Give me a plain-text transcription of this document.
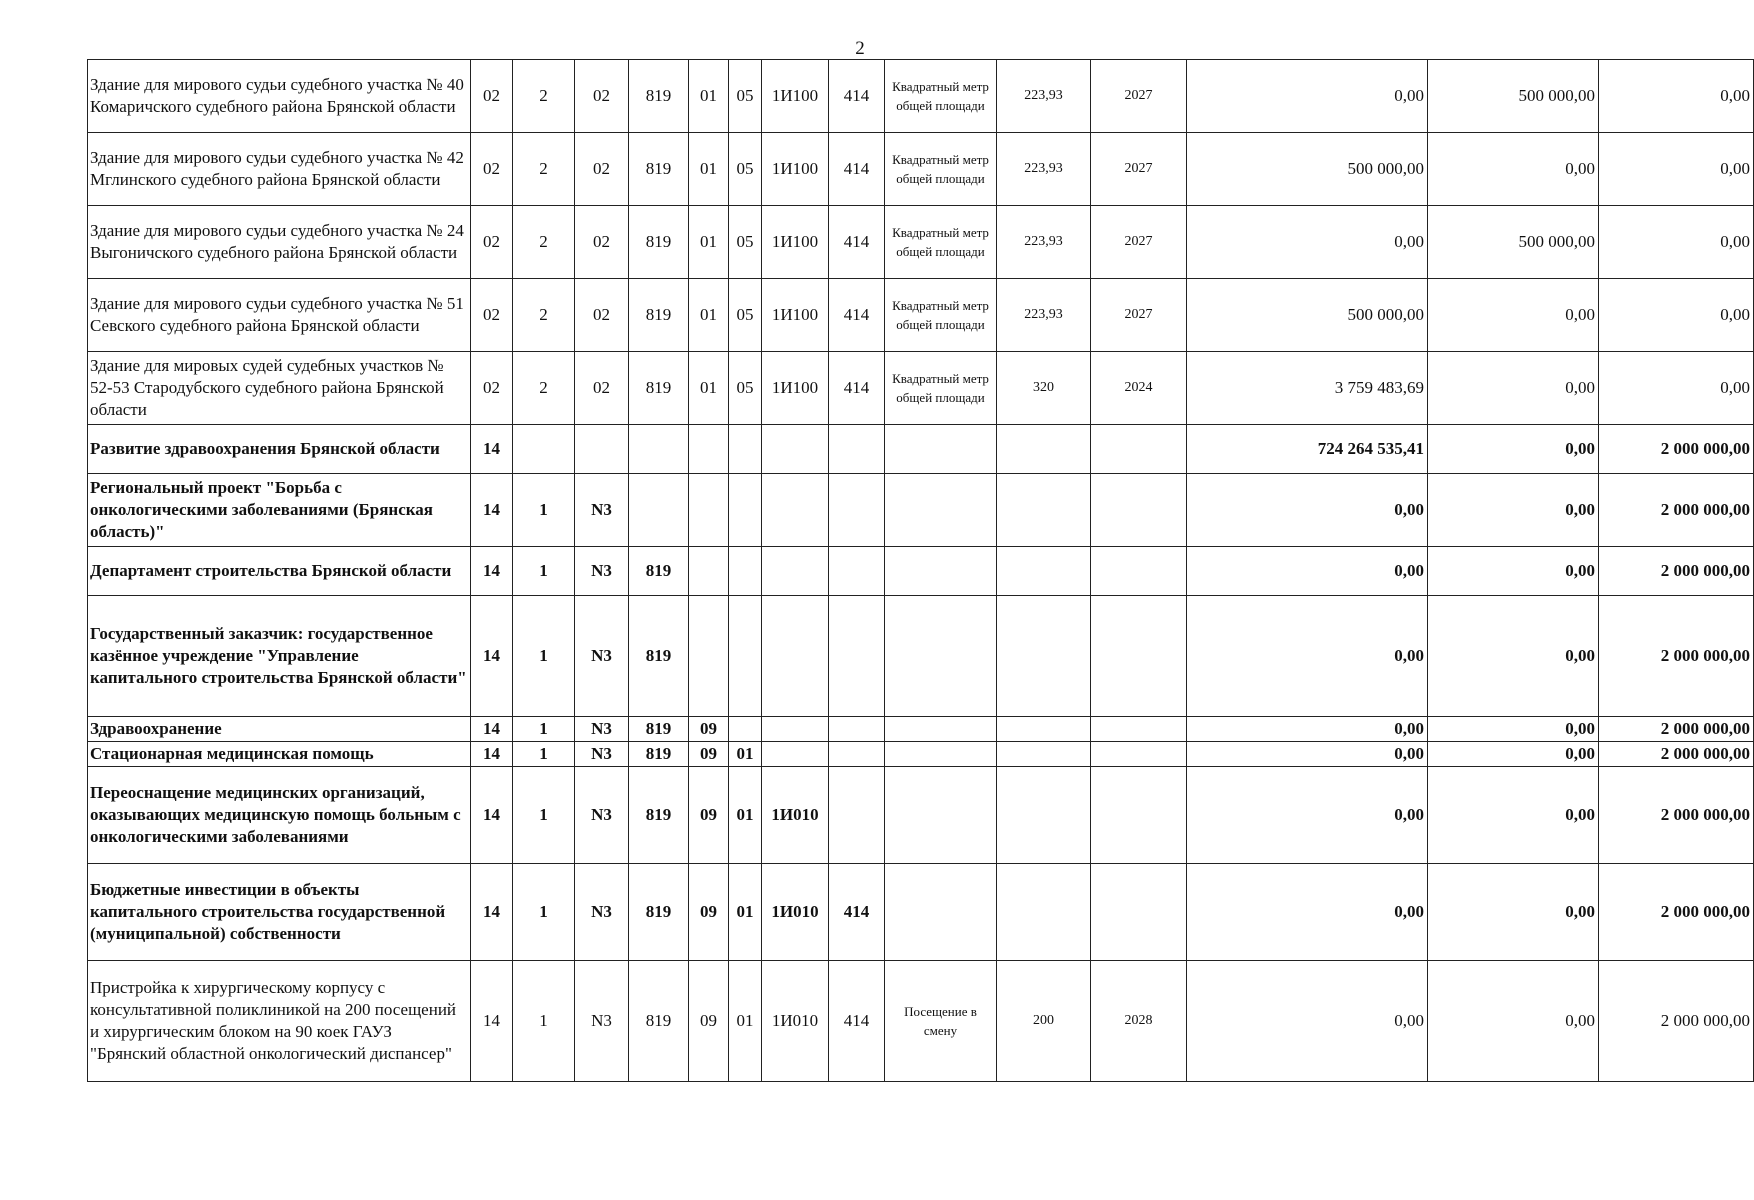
2
Здание для мирового судьи судебного участка № 40 Комаричского судебного района Брянской области	02	2	02	819	01	05	1И100	414	Квадратный метр общей площади	223,93	2027	0,00	500 000,00	0,00
Здание для мирового судьи судебного участка № 42 Мглинского судебного района Брянской области	02	2	02	819	01	05	1И100	414	Квадратный метр общей площади	223,93	2027	500 000,00	0,00	0,00
Здание для мирового судьи судебного участка № 24 Выгоничского судебного района Брянской области	02	2	02	819	01	05	1И100	414	Квадратный метр общей площади	223,93	2027	0,00	500 000,00	0,00
Здание для мирового судьи судебного участка № 51 Севского судебного района Брянской области	02	2	02	819	01	05	1И100	414	Квадратный метр общей площади	223,93	2027	500 000,00	0,00	0,00
Здание для мировых судей судебных участков № 52-53 Стародубского судебного района Брянской области	02	2	02	819	01	05	1И100	414	Квадратный метр общей площади	320	2024	3 759 483,69	0,00	0,00
Развитие здравоохранения Брянской области	14											724 264 535,41	0,00	2 000 000,00
Региональный проект "Борьба с онкологическими заболеваниями (Брянская область)"	14	1	N3									0,00	0,00	2 000 000,00
Департамент строительства Брянской области	14	1	N3	819								0,00	0,00	2 000 000,00
Государственный заказчик: государственное казённое учреждение "Управление капитального строительства Брянской области"	14	1	N3	819								0,00	0,00	2 000 000,00
Здравоохранение	14	1	N3	819	09							0,00	0,00	2 000 000,00
Стационарная медицинская помощь	14	1	N3	819	09	01						0,00	0,00	2 000 000,00
Переоснащение медицинских организаций, оказывающих медицинскую помощь больным с онкологическими заболеваниями	14	1	N3	819	09	01	1И010					0,00	0,00	2 000 000,00
Бюджетные инвестиции в объекты капитального строительства государственной (муниципальной) собственности	14	1	N3	819	09	01	1И010	414				0,00	0,00	2 000 000,00
Пристройка к хирургическому корпусу с консультативной поликлиникой на 200 посещений и хирургическим блоком на 90 коек ГАУЗ "Брянский областной онкологический диспансер"	14	1	N3	819	09	01	1И010	414	Посещение в смену	200	2028	0,00	0,00	2 000 000,00
